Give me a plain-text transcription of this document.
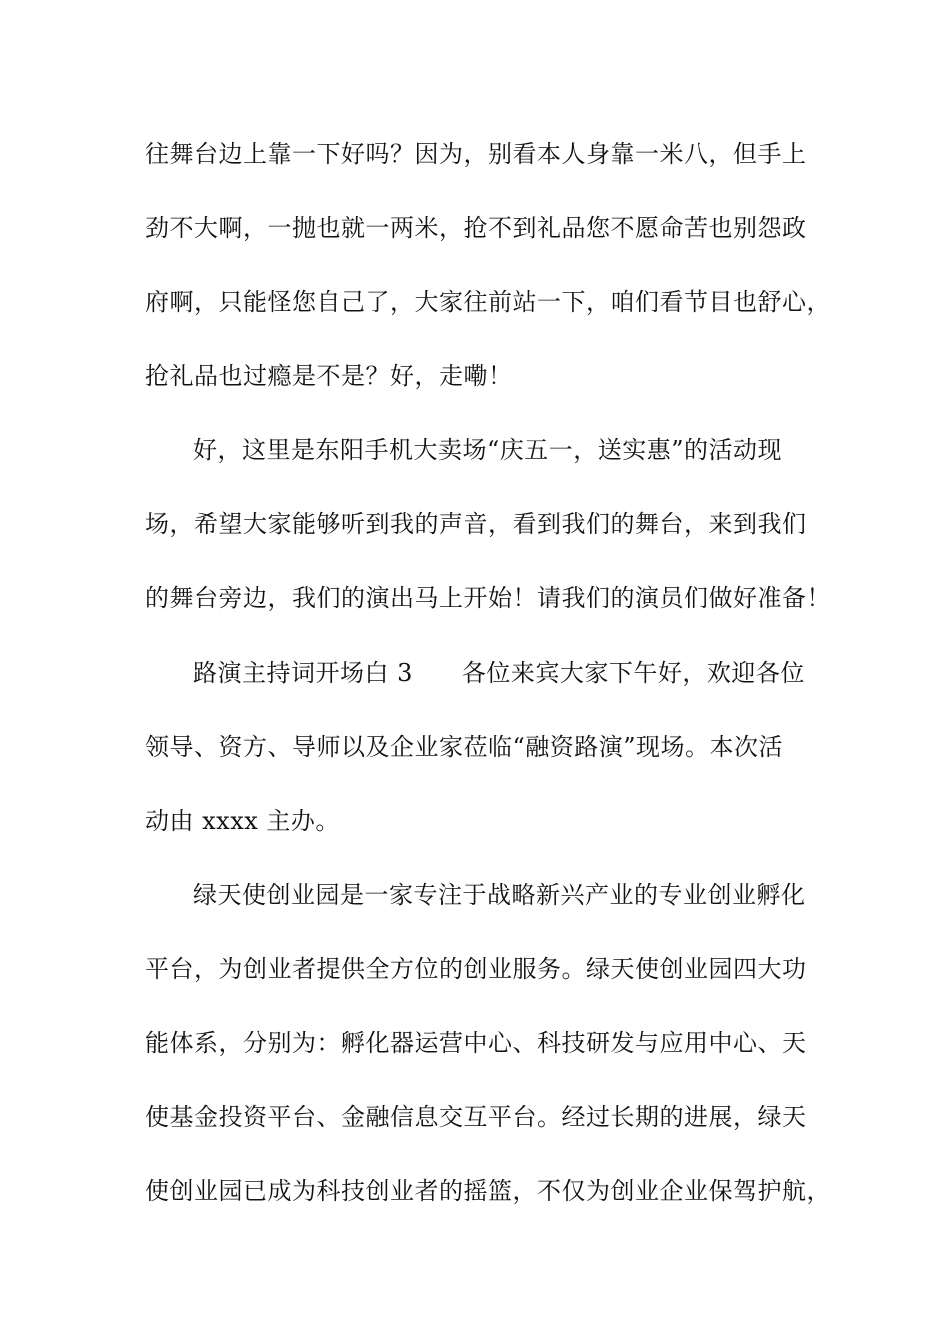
往舞台边上靠一下好吗？因为，别看本人身靠一米八，但手上
劲不大啊，一抛也就一两米，抢不到礼品您不愿命苦也别怨政
府啊，只能怪您自己了，大家往前站一下，咱们看节目也舒心，
抢礼品也过瘾是不是？好，走嘞！
好，这里是东阳手机大卖场“庆五一，送实惠”的活动现
场，希望大家能够听到我的声音，看到我们的舞台，来到我们
的舞台旁边，我们的演出马上开始！请我们的演员们做好准备！
路演主持词开场白 3　　各位来宾大家下午好，欢迎各位
领导、资方、导师以及企业家莅临“融资路演”现场。本次活
动由 xxxx 主办。
绿天使创业园是一家专注于战略新兴产业的专业创业孵化
平台，为创业者提供全方位的创业服务。绿天使创业园四大功
能体系，分别为：孵化器运营中心、科技研发与应用中心、天
使基金投资平台、金融信息交互平台。经过长期的进展，绿天
使创业园已成为科技创业者的摇篮，不仅为创业企业保驾护航，
